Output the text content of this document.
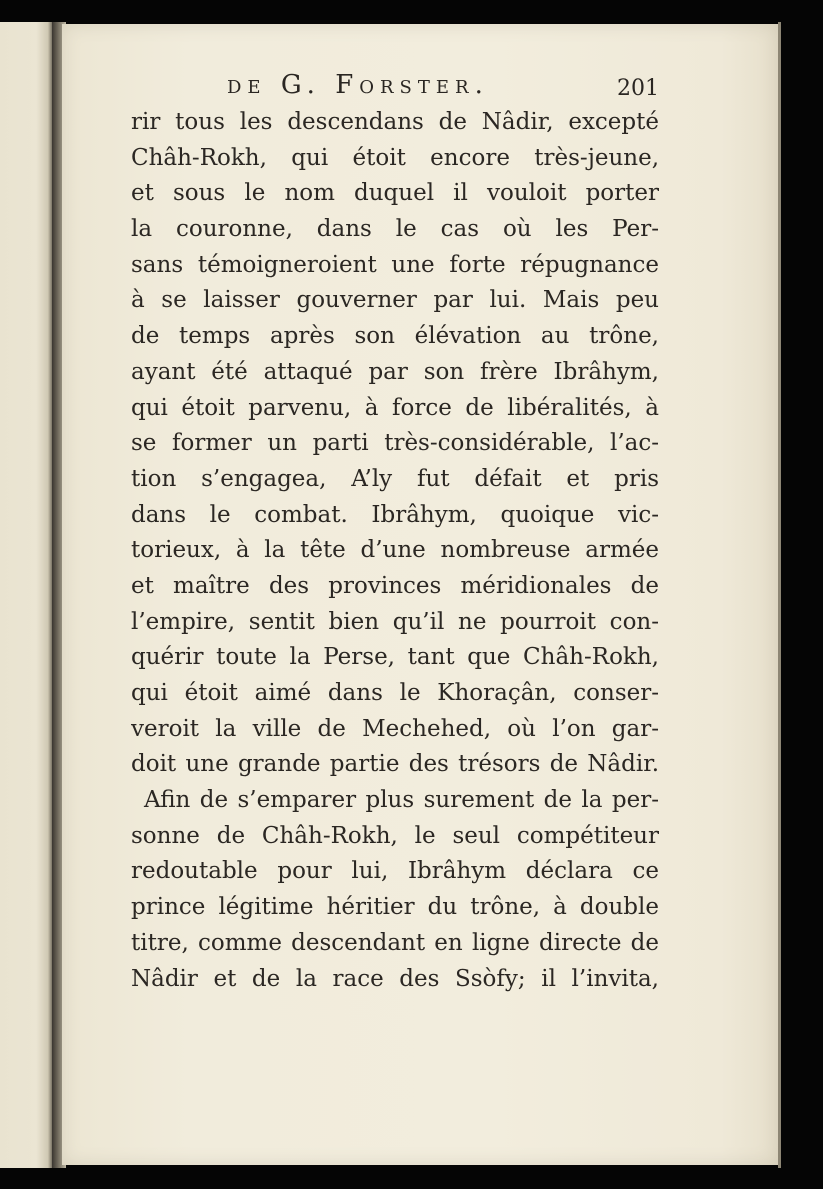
de G. Forster.	201
rir tous les descendans de Nâdir, excepté
Châh-Rokh, qui étoit encore très-jeune,
et sous le nom duquel il vouloit porter
la couronne, dans le cas où les Per-
sans témoigneroient une forte répugnance
à se laisser gouverner par lui. Mais peu
de temps après son élévation au trône,
ayant été attaqué par son frère Ibrâhym,
qui étoit parvenu, à force de libéralités, à
se former un parti très-considérable, l’ac-
tion s’engagea, A’ly fut défait et pris
dans le combat. Ibrâhym, quoique vic-
torieux, à la tête d’une nombreuse armée
et maître des provinces méridionales de
l’empire, sentit bien qu’il ne pourroit con-
quérir toute la Perse, tant que Châh-Rokh,
qui étoit aimé dans le Khoraçân, conser-
veroit la ville de Mechehed, où l’on gar-
doit une grande partie des trésors de Nâdir.
Afin de s’emparer plus surement de la per-
sonne de Châh-Rokh, le seul compétiteur
redoutable pour lui, Ibrâhym déclara ce
prince légitime héritier du trône, à double
titre, comme descendant en ligne directe de
Nâdir et de la race des Ssòfy; il l’invita,
